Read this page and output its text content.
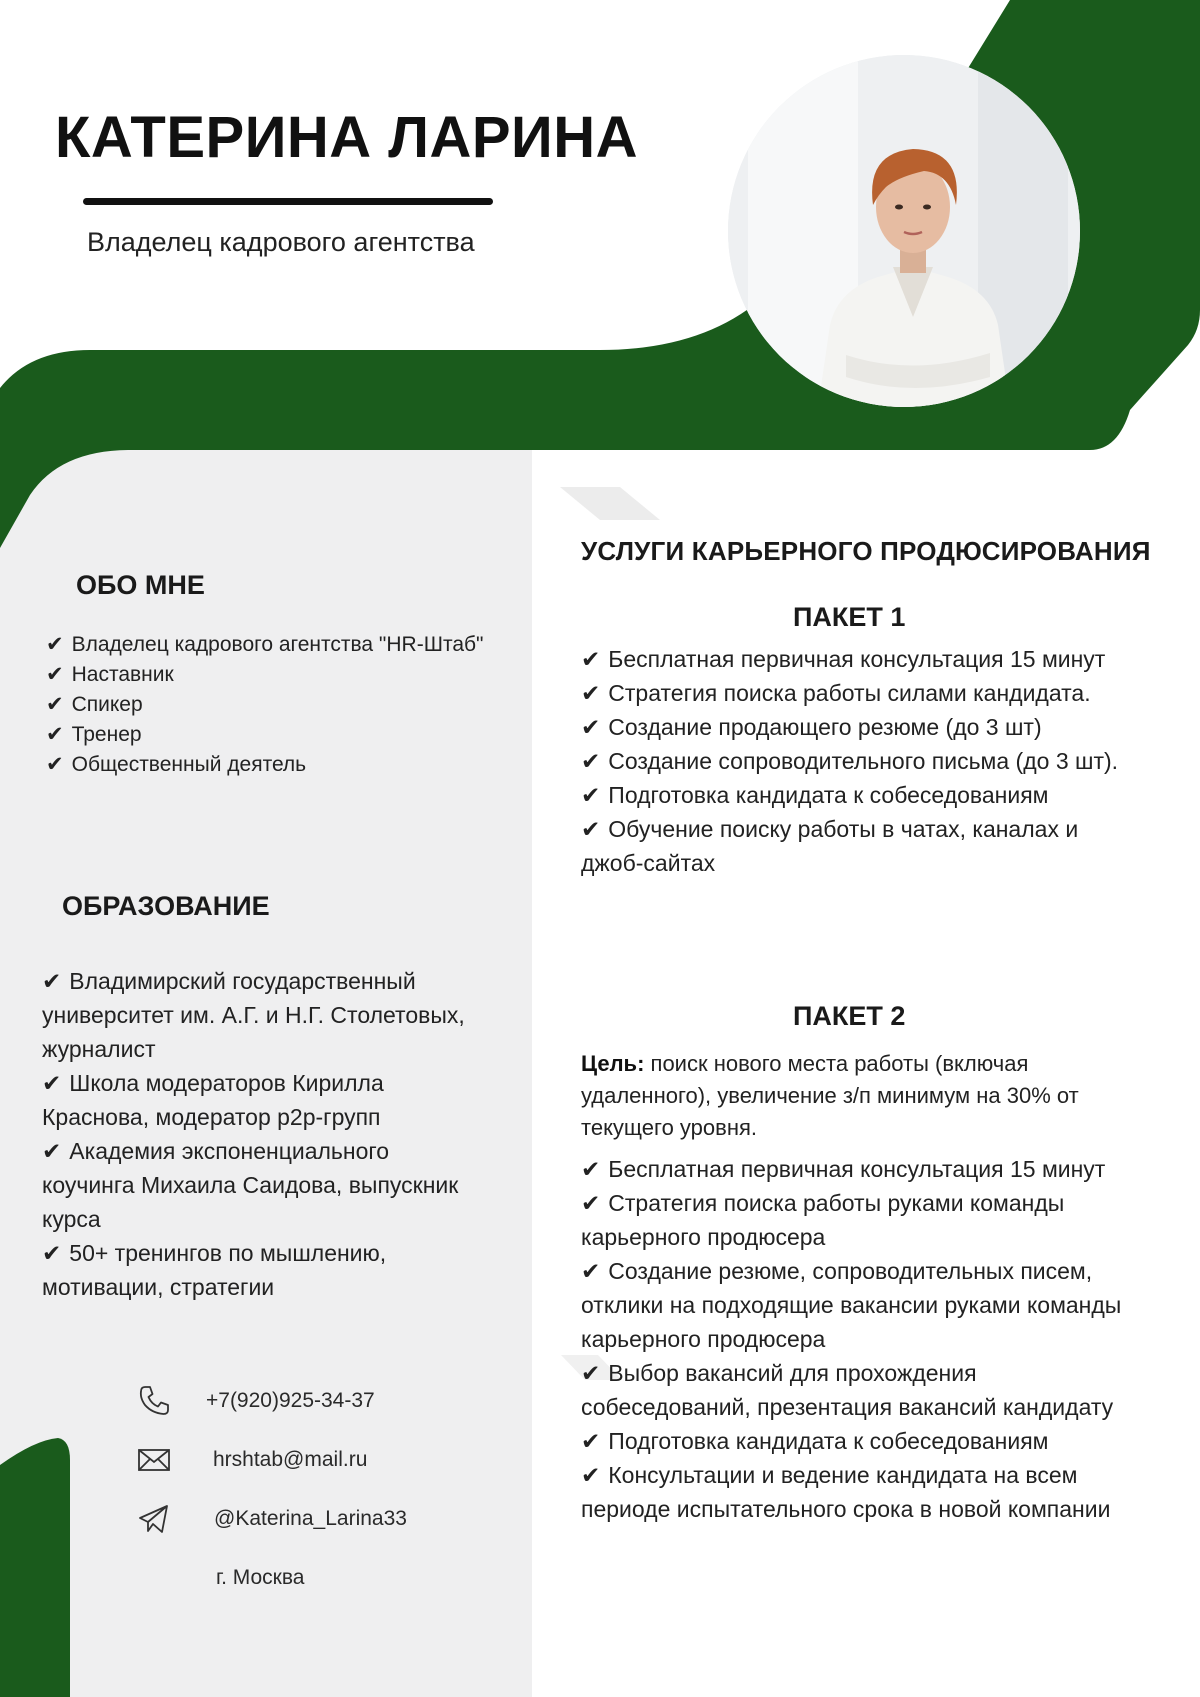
КАТЕРИНА ЛАРИНА
Владелец кадрового агентства
ОБО МНЕ
✔ Владелец кадрового агентства "HR-Штаб"
✔ Наставник
✔ Спикер
✔ Тренер
✔ Общественный деятель
ОБРАЗОВАНИЕ
✔ Владимирский государственный университет им. А.Г. и Н.Г. Столетовых, журналист
✔ Школа модераторов Кирилла Краснова, модератор p2p-групп
✔ Академия экспоненциального коучинга Михаила Саидова, выпускник курса
✔ 50+ тренингов по мышлению, мотивации, стратегии
+7(920)925-34-37
hrshtab@mail.ru
@Katerina_Larina33
г. Москва
УСЛУГИ КАРЬЕРНОГО ПРОДЮСИРОВАНИЯ
ПАКЕТ 1
✔ Бесплатная первичная консультация 15 минут
✔ Стратегия поиска работы силами кандидата.
✔ Создание продающего резюме (до 3 шт)
✔ Создание сопроводительного письма (до 3 шт).
✔ Подготовка кандидата к собеседованиям
✔ Обучение поиску работы в чатах, каналах и джоб-сайтах
ПАКЕТ 2

Цель: поиск нового места работы (включая удаленного), увеличение з/п минимум на 30% от текущего уровня.

✔ Бесплатная первичная консультация 15 минут
✔ Стратегия поиска работы руками команды карьерного продюсера
✔ Создание резюме, сопроводительных писем, отклики на подходящие вакансии руками команды карьерного продюсера
✔ Выбор вакансий для прохождения собеседований, презентация вакансий кандидату
✔ Подготовка кандидата к собеседованиям
✔ Консультации и ведение кандидата на всем периоде испытательного срока в новой компании
